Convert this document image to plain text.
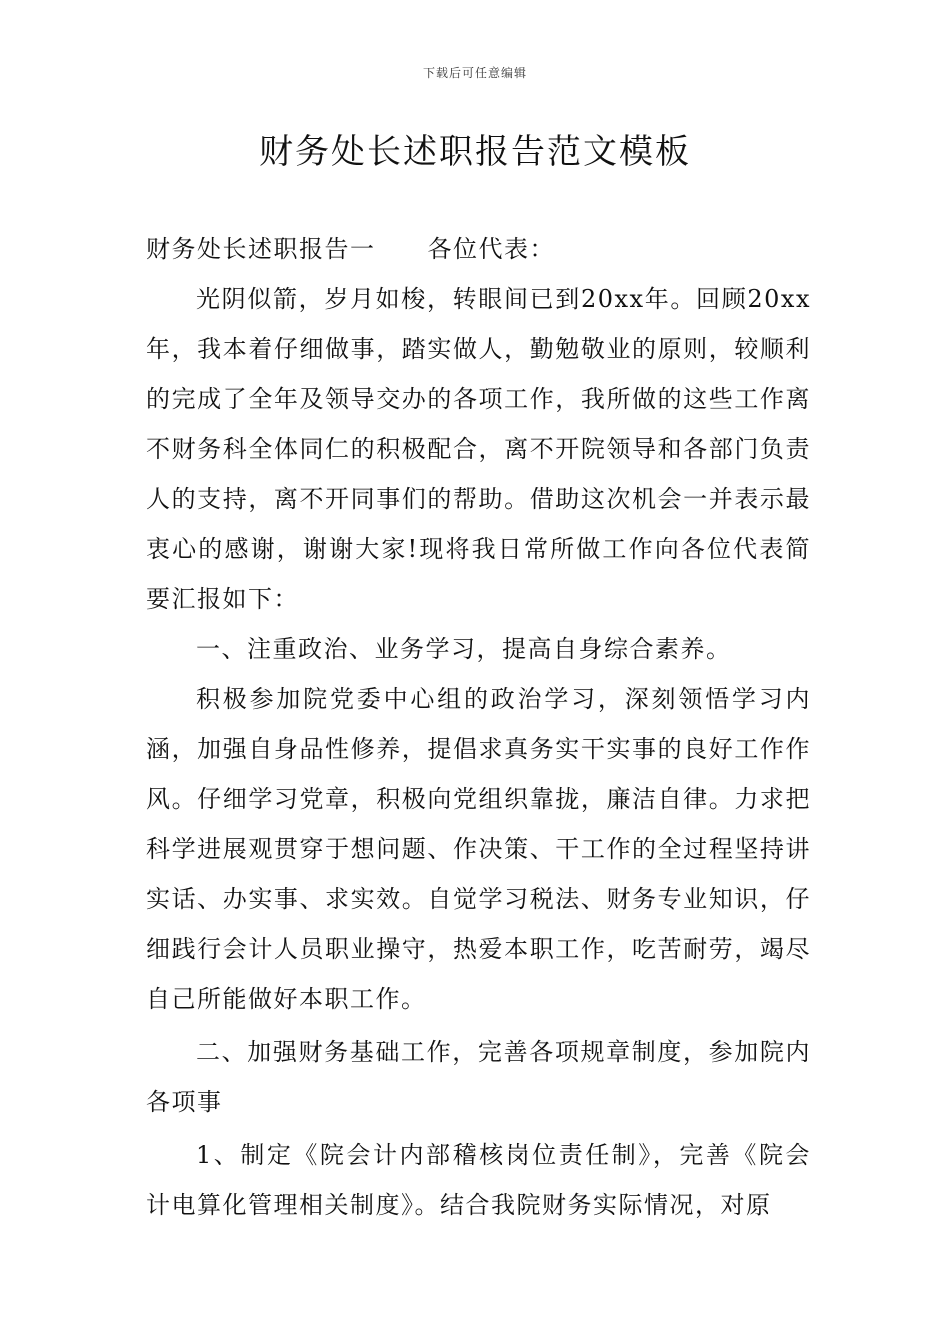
下载后可任意编辑
财务处长述职报告范文模板

财务处长述职报告一 各位代表：

光阴似箭，岁月如梭，转眼间已到20xx年。回顾20xx年，我本着仔细做事，踏实做人，勤勉敬业的原则，较顺利的完成了全年及领导交办的各项工作，我所做的这些工作离不财务科全体同仁的积极配合，离不开院领导和各部门负责人的支持，离不开同事们的帮助。借助这次机会一并表示最衷心的感谢，谢谢大家!现将我日常所做工作向各位代表简要汇报如下：

一、注重政治、业务学习，提高自身综合素养。

积极参加院党委中心组的政治学习，深刻领悟学习内涵，加强自身品性修养，提倡求真务实干实事的良好工作作风。仔细学习党章，积极向党组织靠拢，廉洁自律。力求把科学进展观贯穿于想问题、作决策、干工作的全过程坚持讲实话、办实事、求实效。自觉学习税法、财务专业知识，仔细践行会计人员职业操守，热爱本职工作，吃苦耐劳，竭尽自己所能做好本职工作。

二、加强财务基础工作，完善各项规章制度，参加院内各项事

1、制定《院会计内部稽核岗位责任制》，完善《院会计电算化管理相关制度》。结合我院财务实际情况，对原
